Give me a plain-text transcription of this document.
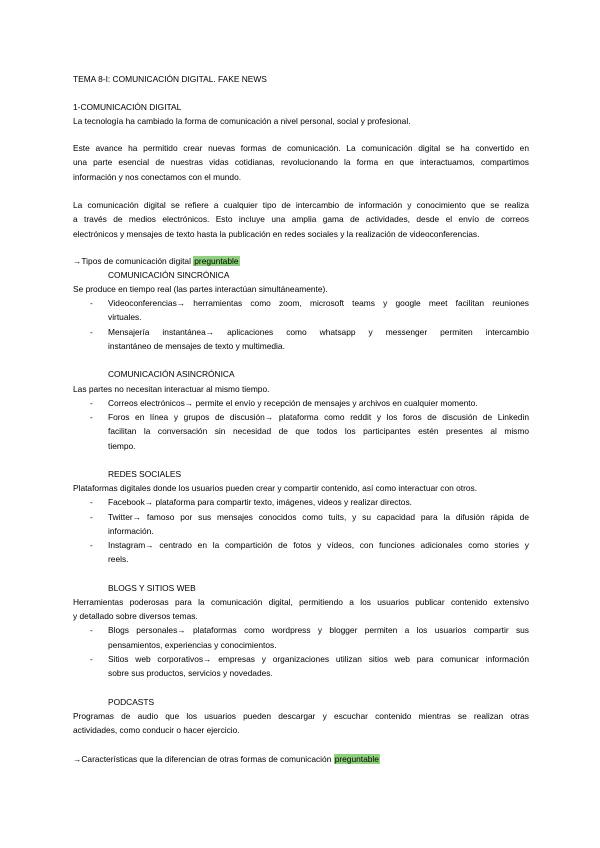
TEMA 8-I: COMUNICACIÓN DIGITAL. FAKE NEWS
1-COMUNICACIÓN DIGITAL
La tecnología ha cambiado la forma de comunicación a nivel personal, social y profesional.
Este avance ha permitido crear nuevas formas de comunicación. La comunicación digital se ha convertido en
una parte esencial de nuestras vidas cotidianas, revolucionando la forma en que interactuamos, compartimos
información y nos conectamos con el mundo.
La comunicación digital se refiere a cualquier tipo de intercambio de información y conocimiento que se realiza
a través de medios electrónicos. Esto incluye una amplia gama de actividades, desde el envío de correos
electrónicos y mensajes de texto hasta la publicación en redes sociales y la realización de videoconferencias.
→Tipos de comunicación digital preguntable
COMUNICACIÓN SINCRÓNICA
Se produce en tiempo real (las partes interactúan simultáneamente).
- Videoconferencias→ herramientas como zoom, microsoft teams y google meet facilitan reuniones
virtuales.
- Mensajería instantánea→ aplicaciones como whatsapp y messenger permiten intercambio
instantáneo de mensajes de texto y multimedia.
COMUNICACIÓN ASINCRÓNICA
Las partes no necesitan interactuar al mismo tiempo.
- Correos electrónicos→ permite el envío y recepción de mensajes y archivos en cualquier momento.
- Foros en línea y grupos de discusión→ plataforma como reddit y los foros de discusión de Linkedin
facilitan la conversación sin necesidad de que todos los participantes estén presentes al mismo
tiempo.
REDES SOCIALES
Plataformas digitales donde los usuarios pueden crear y compartir contenido, así como interactuar con otros.
- Facebook→ plataforma para compartir texto, imágenes, videos y realizar directos.
- Twitter→ famoso por sus mensajes conocidos como tuits, y su capacidad para la difusión rápida de
información.
- Instagram→ centrado en la compartición de fotos y vídeos, con funciones adicionales como stories y
reels.
BLOGS Y SITIOS WEB
Herramientas poderosas para la comunicación digital, permitiendo a los usuarios publicar contenido extensivo
y detallado sobre diversos temas.
- Blogs personales→ plataformas como wordpress y blogger permiten a los usuarios compartir sus
pensamientos, experiencias y conocimientos.
- Sitios web corporativos→ empresas y organizaciones utilizan sitios web para comunicar información
sobre sus productos, servicios y novedades.
PODCASTS
Programas de audio que los usuarios pueden descargar y escuchar contenido mientras se realizan otras
actividades, como conducir o hacer ejercicio.
→Características que la diferencian de otras formas de comunicación preguntable
